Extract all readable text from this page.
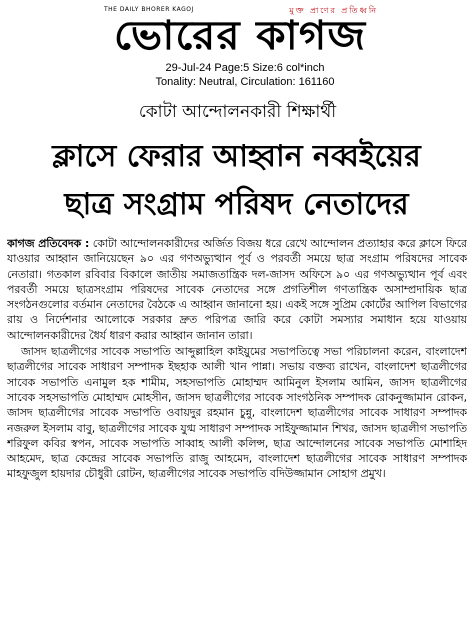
THE DAILY BHORER KAGOJ	মুক্ত প্রাণের প্রতিধ্বনি
ভোরের কাগজ
29-Jul-24 Page:5 Size:6 col*inch
Tonality: Neutral, Circulation: 161160
কোটা আন্দোলনকারী শিক্ষার্থী
ক্লাসে ফেরার আহ্বান নব্বইয়ের
ছাত্র সংগ্রাম পরিষদ নেতাদের

কাগজ প্রতিবেদক : কোটা আন্দোলনকারীদের অর্জিত বিজয় ধরে রেখে আন্দোলন প্রত্যাহার করে ক্লাসে ফিরে যাওয়ার আহ্বান জানিয়েছেন ৯০ এর গণঅভ্যুত্থান পূর্ব ও পরবর্তী সময়ে ছাত্র সংগ্রাম পরিষদের সাবেক নেতারা। গতকাল রবিবার বিকালে জাতীয় সমাজতান্ত্রিক দল-জাসদ অফিসে ৯০ এর গণঅভ্যুত্থান পূর্ব এবং পরবর্তী সময়ে ছাত্রসংগ্রাম পরিষদের সাবেক নেতাদের সঙ্গে প্রগতিশীল গণতান্ত্রিক অসাম্প্রদায়িক ছাত্র সংগঠনগুলোর বর্তমান নেতাদের বৈঠকে এ আহ্বান জানানো হয়। একই সঙ্গে সুপ্রিম কোর্টের আপিল বিভাগের রায় ও নির্দেশনার আলোকে সরকার দ্রুত পরিপত্র জারি করে কোটা সমস্যার সমাধান হয়ে যাওয়ায় আন্দোলনকারীদের ধৈর্য ধারণ করার আহ্বান জানান তারা।

জাসদ ছাত্রলীগের সাবেক সভাপতি আব্দুল্লাহিল কাইয়ুমের সভাপতিত্বে সভা পরিচালনা করেন, বাংলাদেশ ছাত্রলীগের সাবেক সাধারণ সম্পাদক ইছহাক আলী খান পান্না। সভায় বক্তব্য রাখেন, বাংলাদেশ ছাত্রলীগের সাবেক সভাপতি এনামুল হক শামীম, সহসভাপতি মোহাম্মদ আমিনুল ইসলাম আমিন, জাসদ ছাত্রলীগের সাবেক সহসভাপতি মোহাম্মদ মোহসীন, জাসদ ছাত্রলীগের সাবেক সাংগঠনিক সম্পাদক রোকনুজ্জামান রোকন, জাসদ ছাত্রলীগের সাবেক সভাপতি ওবায়দুর রহমান চুন্নু, বাংলাদেশ ছাত্রলীগের সাবেক সাধারণ সম্পাদক নজরুল ইসলাম বাবু, ছাত্রলীগের সাবেক যুগ্ম সাধারণ সম্পাদক সাইফুজ্জামান শিখর, জাসদ ছাত্রলীগ সভাপতি শরিফুল কবির স্বপন, সাবেক সভাপতি সাব্বাহ আলী কলিন্স, ছাত্র আন্দোলনের সাবেক সভাপতি মোশাহিদ আহমেদ, ছাত্র কেন্দ্রের সাবেক সভাপতি রাজু আহমেদ, বাংলাদেশ ছাত্রলীগের সাবেক সাধারণ সম্পাদক মাহফুজুল হায়দার চৌধুরী রোটন, ছাত্রলীগের সাবেক সভাপতি বদিউজ্জামান সোহাগ প্রমুখ।
